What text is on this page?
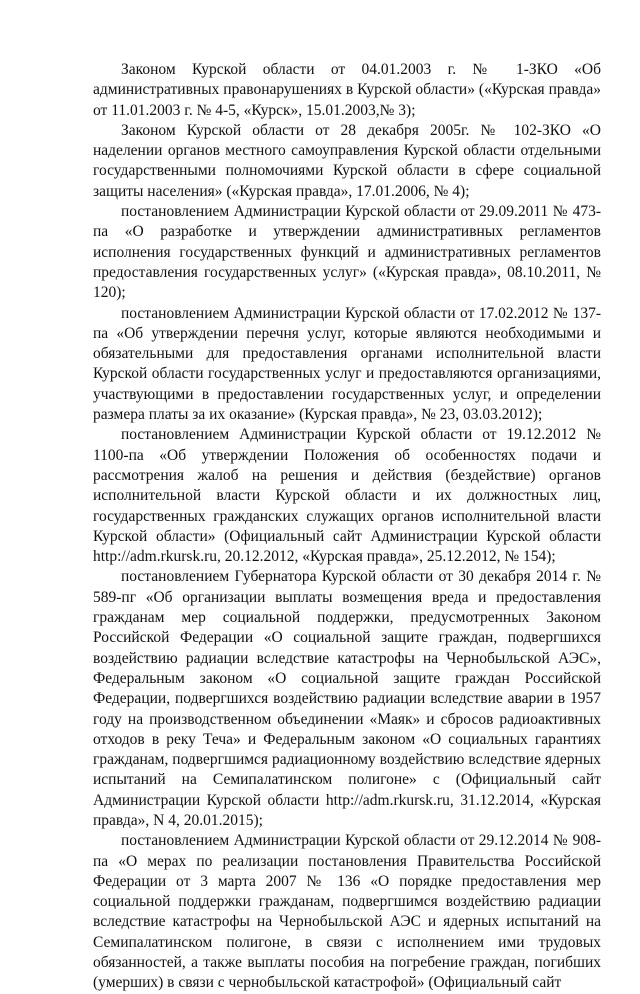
Законом Курской области от 04.01.2003 г. № 1-ЗКО «Об административных правонарушениях в Курской области» («Курская правда» от 11.01.2003 г. № 4-5, «Курск», 15.01.2003,№ 3);

Законом Курской области от 28 декабря 2005г. № 102-ЗКО «О наделении органов местного самоуправления Курской области отдельными государственными полномочиями Курской области в сфере социальной защиты населения» («Курская правда», 17.01.2006, № 4);

постановлением Администрации Курской области от 29.09.2011 № 473-па «О разработке и утверждении административных регламентов исполнения государственных функций и административных регламентов предоставления государственных услуг» («Курская правда», 08.10.2011, № 120);

постановлением Администрации Курской области от 17.02.2012 № 137-па «Об утверждении перечня услуг, которые являются необходимыми и обязательными для предоставления органами исполнительной власти Курской области государственных услуг и предоставляются организациями, участвующими в предоставлении государственных услуг, и определении размера платы за их оказание» (Курская правда», № 23, 03.03.2012);

постановлением Администрации Курской области от 19.12.2012 № 1100-па «Об утверждении Положения об особенностях подачи и рассмотрения жалоб на решения и действия (бездействие) органов исполнительной власти Курской области и их должностных лиц, государственных гражданских служащих органов исполнительной власти Курской области» (Официальный сайт Администрации Курской области http://adm.rkursk.ru, 20.12.2012, «Курская правда», 25.12.2012, № 154);

постановлением Губернатора Курской области от 30 декабря 2014 г. № 589-пг «Об организации выплаты возмещения вреда и предоставления гражданам мер социальной поддержки, предусмотренных Законом Российской Федерации «О социальной защите граждан, подвергшихся воздействию радиации вследствие катастрофы на Чернобыльской АЭС», Федеральным законом «О социальной защите граждан Российской Федерации, подвергшихся воздействию радиации вследствие аварии в 1957 году на производственном объединении «Маяк» и сбросов радиоактивных отходов в реку Теча» и Федеральным законом «О социальных гарантиях гражданам, подвергшимся радиационному воздействию вследствие ядерных испытаний на Семипалатинском полигоне» с (Официальный сайт Администрации Курской области http://adm.rkursk.ru, 31.12.2014, «Курская правда», N 4, 20.01.2015);

постановлением Администрации Курской области от 29.12.2014 № 908-па «О мерах по реализации постановления Правительства Российской Федерации от 3 марта 2007 № 136 «О порядке предоставления мер социальной поддержки гражданам, подвергшимся воздействию радиации вследствие катастрофы на Чернобыльской АЭС и ядерных испытаний на Семипалатинском полигоне, в связи с исполнением ими трудовых обязанностей, а также выплаты пособия на погребение граждан, погибших (умерших) в связи с чернобыльской катастрофой» (Официальный сайт
